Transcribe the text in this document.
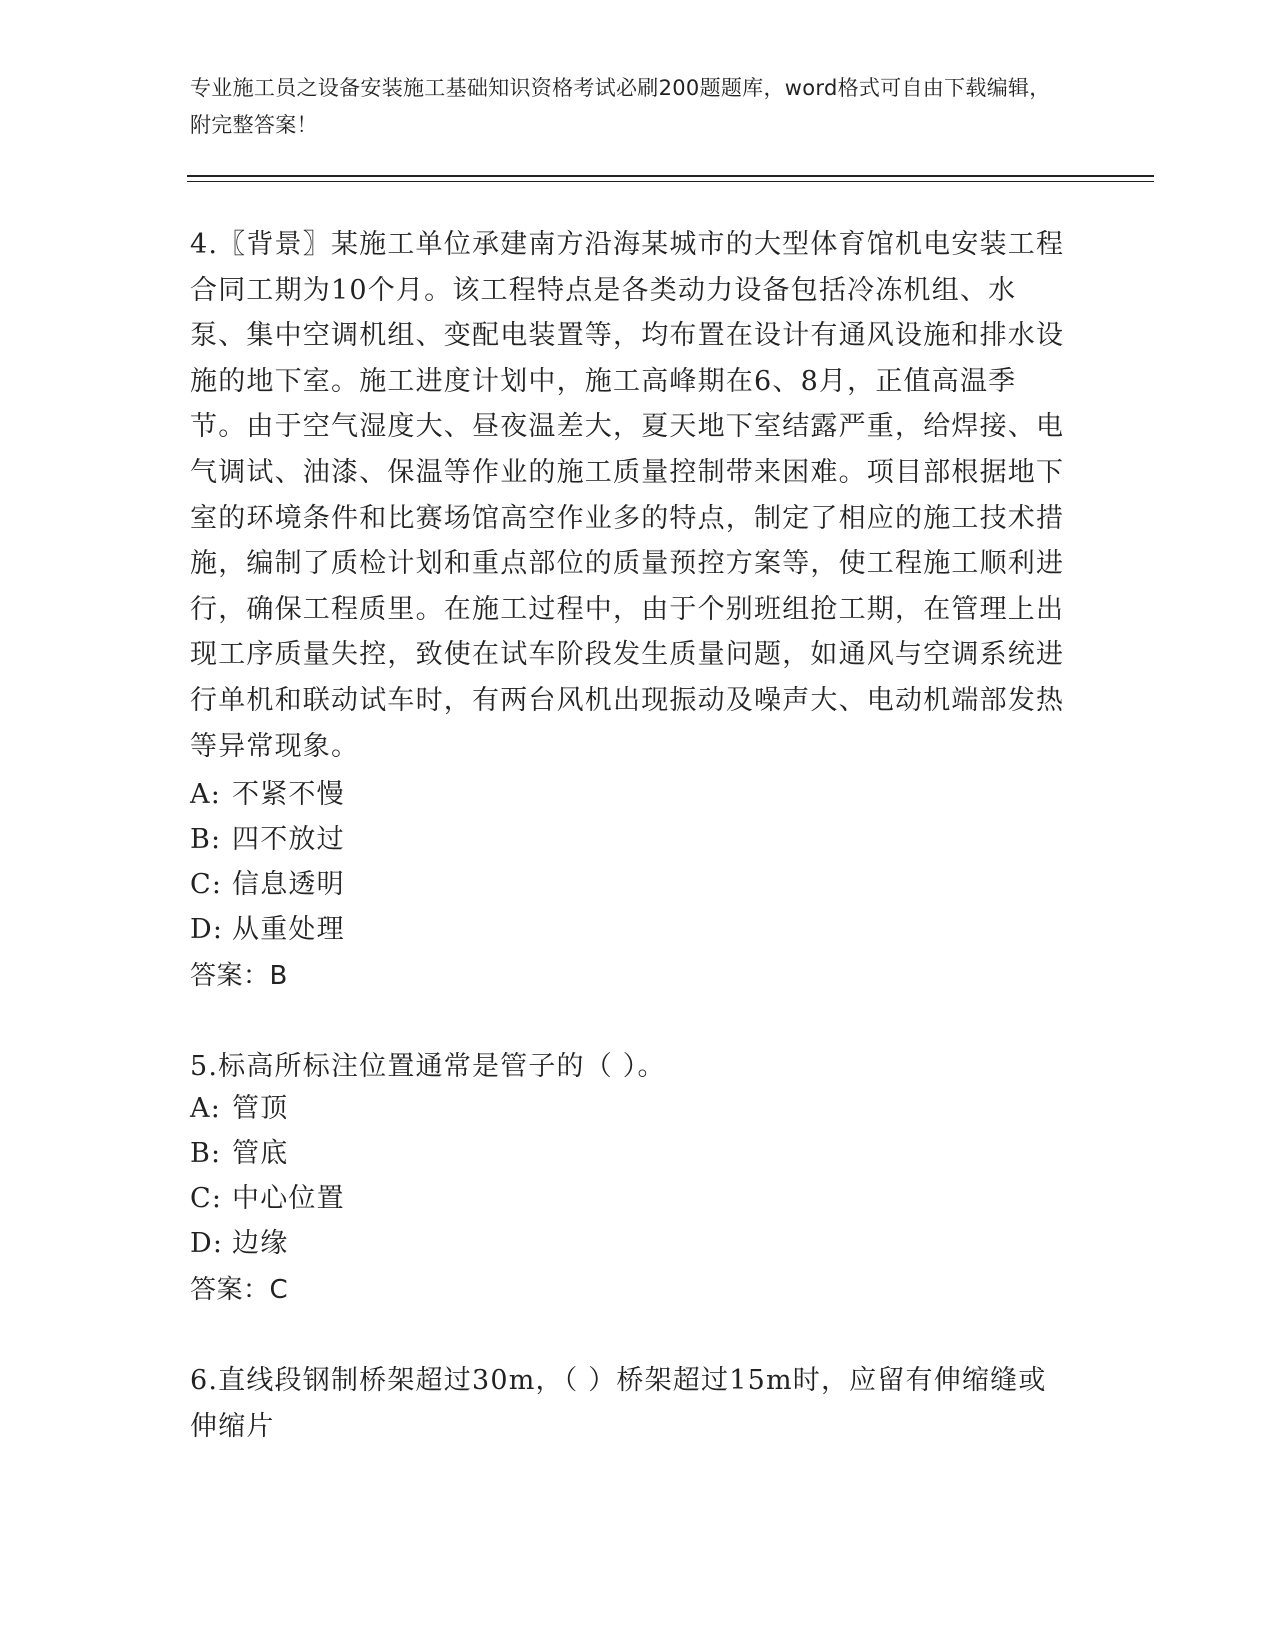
专业施工员之设备安装施工基础知识资格考试必刷200题题库，word格式可自由下载编辑，附完整答案！
4.〖背景〗某施工单位承建南方沿海某城市的大型体育馆机电安装工程合同工期为10个月。该工程特点是各类动力设备包括冷冻机组、水泵、集中空调机组、变配电装置等，均布置在设计有通风设施和排水设施的地下室。施工进度计划中，施工高峰期在6、8月，正值高温季节。由于空气湿度大、昼夜温差大，夏天地下室结露严重，给焊接、电气调试、油漆、保温等作业的施工质量控制带来困难。项目部根据地下室的环境条件和比赛场馆高空作业多的特点，制定了相应的施工技术措施，编制了质检计划和重点部位的质量预控方案等，使工程施工顺利进行，确保工程质里。在施工过程中，由于个别班组抢工期，在管理上出现工序质量失控，致使在试车阶段发生质量问题，如通风与空调系统进行单机和联动试车时，有两台风机出现振动及噪声大、电动机端部发热等异常现象。
A: 不紧不慢
B: 四不放过
C: 信息透明
D: 从重处理
答案：B
5.标高所标注位置通常是管子的（ ）。
A: 管顶
B: 管底
C: 中心位置
D: 边缘
答案：C
6.直线段钢制桥架超过30m，（ ）桥架超过15m时，应留有伸缩缝或伸缩片
